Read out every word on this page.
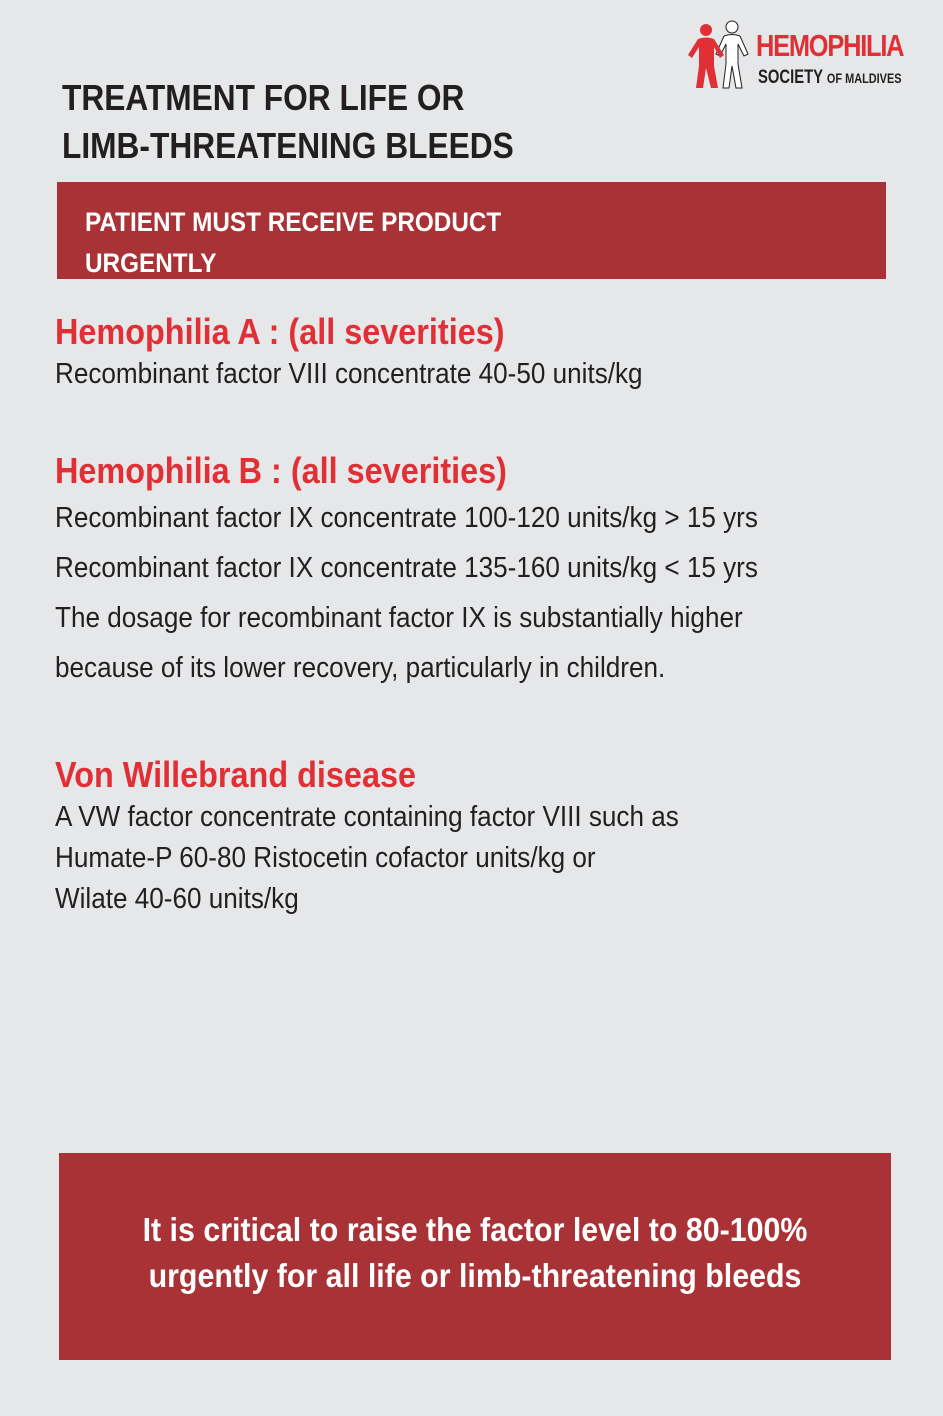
HEMOPHILIA
SOCIETY OF MALDIVES
TREATMENT FOR LIFE OR
LIMB-THREATENING BLEEDS
PATIENT MUST RECEIVE PRODUCT
URGENTLY
Hemophilia A : (all severities)
Recombinant factor VIII concentrate 40-50 units/kg
Hemophilia B : (all severities)
Recombinant factor IX concentrate 100-120 units/kg > 15 yrs
Recombinant factor IX concentrate 135-160 units/kg < 15 yrs
The dosage for recombinant factor IX is substantially higher
because of its lower recovery, particularly in children.
Von Willebrand disease
A VW factor concentrate containing factor VIII such as
Humate-P 60-80 Ristocetin cofactor units/kg or
Wilate 40-60 units/kg
It is critical to raise the factor level to 80-100%
urgently for all life or limb-threatening bleeds
